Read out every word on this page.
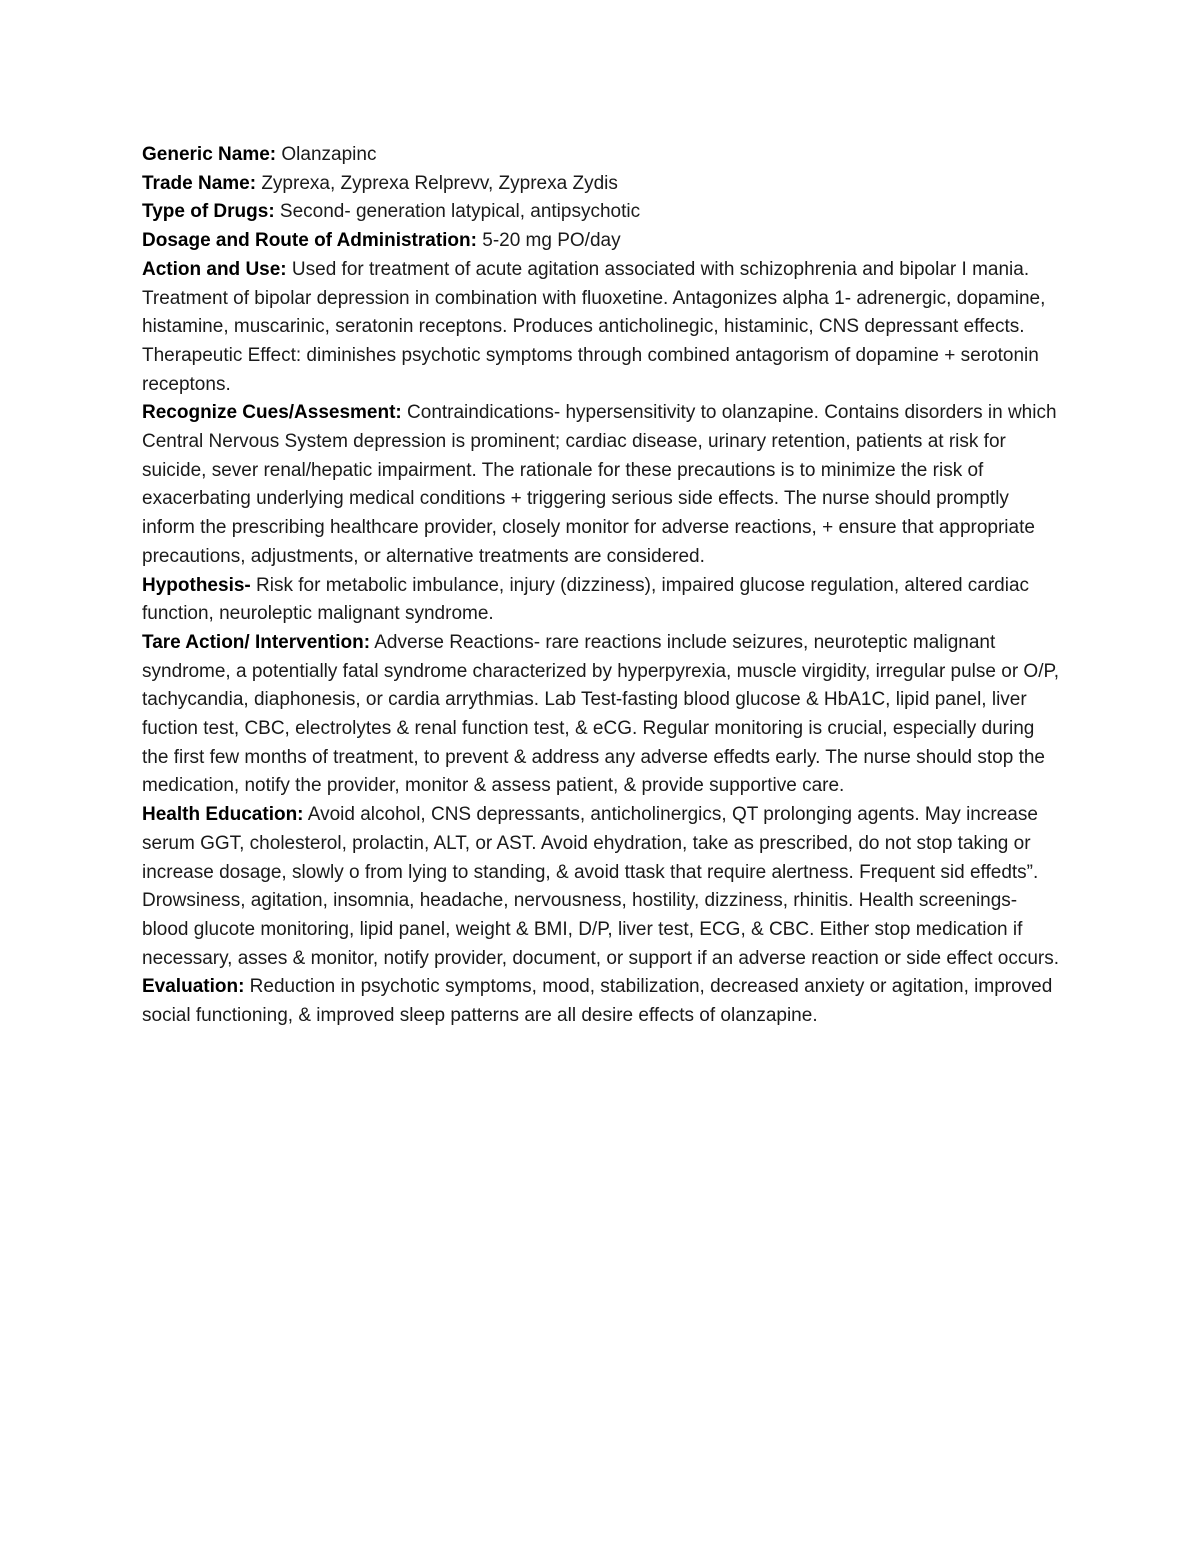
Generic Name: Olanzapinc

Trade Name: Zyprexa, Zyprexa Relprevv, Zyprexa Zydis

Type of Drugs: Second- generation latypical, antipsychotic

Dosage and Route of Administration: 5-20 mg PO/day

Action and Use: Used for treatment of acute agitation associated with schizophrenia and bipolar I mania. Treatment of bipolar depression in combination with fluoxetine. Antagonizes alpha 1- adrenergic, dopamine, histamine, muscarinic, seratonin receptons. Produces anticholinegic, histaminic, CNS depressant effects. Therapeutic Effect: diminishes psychotic symptoms through combined antagorism of dopamine + serotonin receptons.

Recognize Cues/Assesment: Contraindications- hypersensitivity to olanzapine. Contains disorders in which Central Nervous System depression is prominent; cardiac disease, urinary retention, patients at risk for suicide, sever renal/hepatic impairment. The rationale for these precautions is to minimize the risk of exacerbating underlying medical conditions + triggering serious side effects. The nurse should promptly inform the prescribing healthcare provider, closely monitor for adverse reactions, + ensure that appropriate precautions, adjustments, or alternative treatments are considered.

Hypothesis- Risk for metabolic imbulance, injury (dizziness), impaired glucose regulation, altered cardiac function, neuroleptic malignant syndrome.

Tare Action/ Intervention: Adverse Reactions- rare reactions include seizures, neuroteptic malignant syndrome, a potentially fatal syndrome characterized by hyperpyrexia, muscle virgidity, irregular pulse or O/P, tachycandia, diaphonesis, or cardia arrythmias. Lab Test-fasting blood glucose & HbA1C, lipid panel, liver fuction test, CBC, electrolytes & renal function test, & eCG. Regular monitoring is crucial, especially during the first few months of treatment, to prevent & address any adverse effedts early. The nurse should stop the medication, notify the provider, monitor & assess patient, & provide supportive care.

Health Education: Avoid alcohol, CNS depressants, anticholinergics, QT prolonging agents. May increase serum GGT, cholesterol, prolactin, ALT, or AST. Avoid ehydration, take as prescribed, do not stop taking or increase dosage, slowly o from lying to standing, & avoid ttask that require alertness. Frequent sid effedts”. Drowsiness, agitation, insomnia, headache, nervousness, hostility, dizziness, rhinitis. Health screenings-blood glucote monitoring, lipid panel, weight & BMI, D/P, liver test, ECG, & CBC. Either stop medication if necessary, asses & monitor, notify provider, document, or support if an adverse reaction or side effect occurs.

Evaluation: Reduction in psychotic symptoms, mood, stabilization, decreased anxiety or agitation, improved social functioning, & improved sleep patterns are all desire effects of olanzapine.
